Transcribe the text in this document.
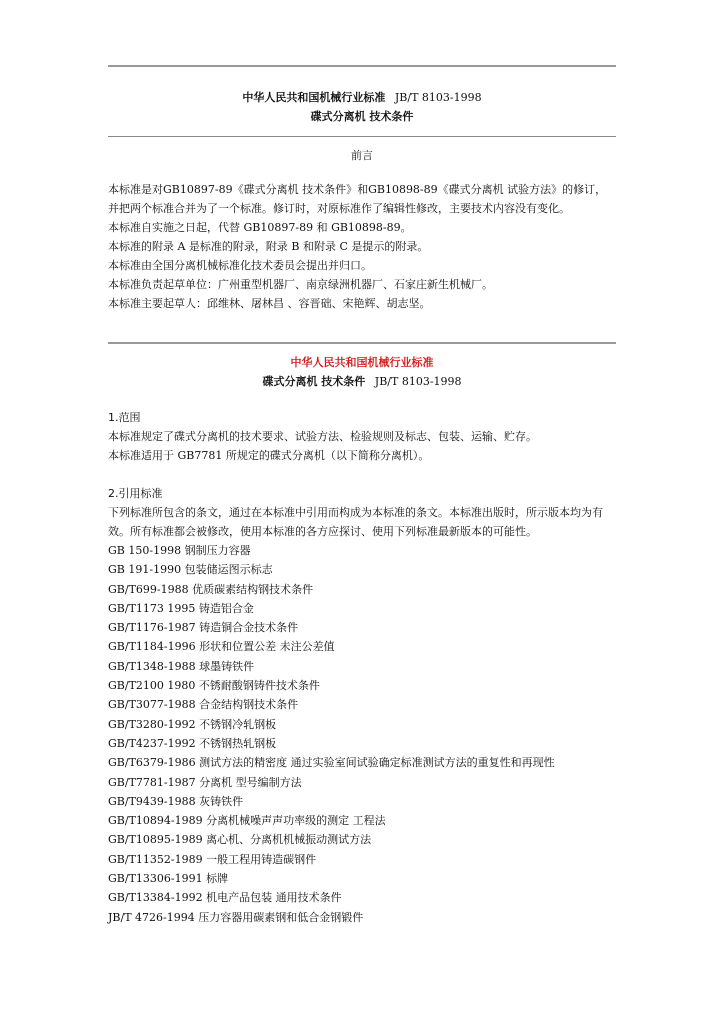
中华人民共和国机械行业标准 JB/T 8103-1998
碟式分离机 技术条件
前言

本标准是对GB10897-89《碟式分离机 技术条件》和GB10898-89《碟式分离机 试验方法》的修订，并把两个标准合并为了一个标准。修订时，对原标准作了编辑性修改，主要技术内容没有变化。

本标准自实施之日起，代替 GB10897-89 和 GB10898-89。

本标准的附录 A 是标准的附录，附录 B 和附录 C 是提示的附录。

本标准由全国分离机械标准化技术委员会提出并归口。

本标准负责起草单位：广州重型机器厂、南京绿洲机器厂、石家庄新生机械厂。

本标准主要起草人：邱维林、屠林昌 、容晋础、宋艳辉、胡志坚。

中华人民共和国机械行业标准
碟式分离机 技术条件 JB/T 8103-1998
1.范围

本标准规定了碟式分离机的技术要求、试验方法、检验规则及标志、包装、运输、贮存。

本标准适用于 GB7781 所规定的碟式分离机（以下简称分离机）。

2.引用标准

下列标准所包含的条文，通过在本标准中引用而构成为本标准的条文。本标准出版时，所示版本均为有效。所有标准都会被修改，使用本标准的各方应探讨、使用下列标准最新版本的可能性。

GB 150-1998 钢制压力容器
GB 191-1990 包装储运图示标志
GB/T699-1988 优质碳素结构钢技术条件
GB/T1173 1995 铸造铝合金
GB/T1176-1987 铸造铜合金技术条件
GB/T1184-1996 形状和位置公差 未注公差值
GB/T1348-1988 球墨铸铁件
GB/T2100 1980 不锈耐酸钢铸件技术条件
GB/T3077-1988 合金结构钢技术条件
GB/T3280-1992 不锈钢冷轧钢板
GB/T4237-1992 不锈钢热轧钢板
GB/T6379-1986 测试方法的精密度 通过实验室间试验确定标准测试方法的重复性和再现性
GB/T7781-1987 分离机 型号编制方法
GB/T9439-1988 灰铸铁件
GB/T10894-1989 分离机械噪声声功率级的测定 工程法
GB/T10895-1989 离心机、分离机机械振动测试方法
GB/T11352-1989 一般工程用铸造碳钢件
GB/T13306-1991 标牌
GB/T13384-1992 机电产品包装 通用技术条件
JB/T 4726-1994 压力容器用碳素钢和低合金钢锻件
